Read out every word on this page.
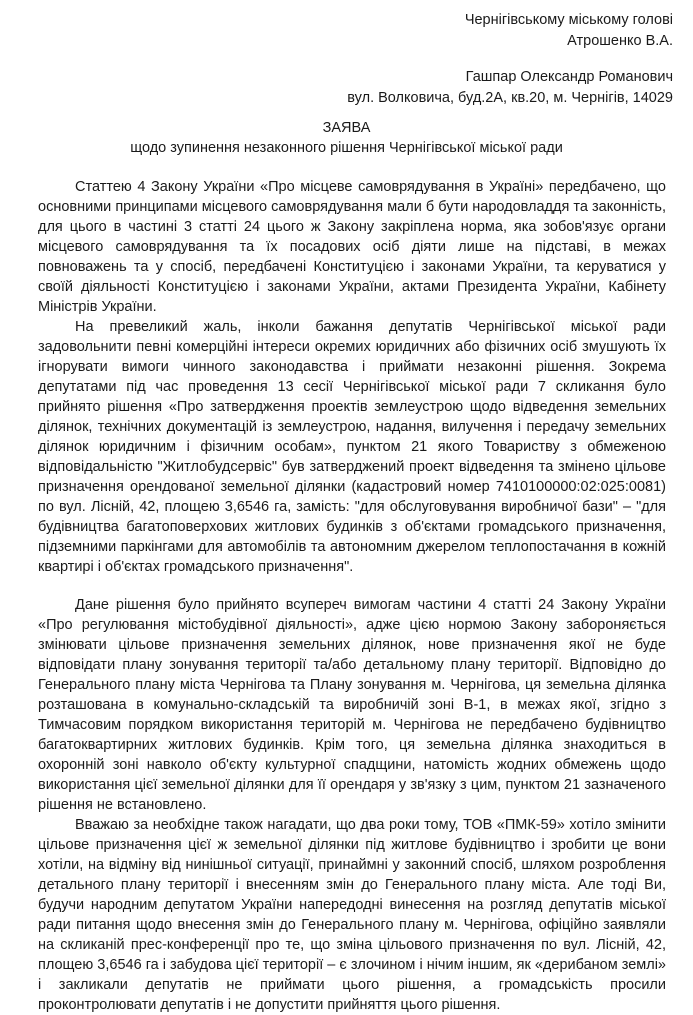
Чернігівському міському голові
Атрошенко В.А.
Гашпар Олександр Романович
вул. Волковича, буд.2А, кв.20, м. Чернігів, 14029
ЗАЯВА
щодо зупинення незаконного рішення Чернігівської міської ради

Статтею 4 Закону України «Про місцеве самоврядування в Україні» передбачено, що основними принципами місцевого самоврядування мали б бути народовладдя та законність, для цього в частині 3 статті 24 цього ж Закону закріплена норма, яка зобов'язує органи місцевого самоврядування та їх посадових осіб діяти лише на підставі, в межах повноважень та у спосіб, передбачені Конституцією і законами України, та керуватися у своїй діяльності Конституцією і законами України, актами Президента України, Кабінету Міністрів України.

На превеликий жаль, інколи бажання депутатів Чернігівської міської ради задовольнити певні комерційні інтереси окремих юридичних або фізичних осіб змушують їх ігнорувати вимоги чинного законодавства і приймати незаконні рішення. Зокрема депутатами під час проведення 13 сесії Чернігівської міської ради 7 скликання було прийнято рішення «Про затвердження проектів землеустрою щодо відведення земельних ділянок, технічних документацій із землеустрою, надання, вилучення і передачу земельних ділянок юридичним і фізичним особам», пунктом 21 якого Товариству з обмеженою відповідальністю "Житлобудсервіс" був затверджений проект відведення та змінено цільове призначення орендованої земельної ділянки (кадастровий номер 7410100000:02:025:0081) по вул. Лісній, 42, площею 3,6546 га, замість: "для обслуговування виробничої бази" – "для будівництва багатоповерхових житлових будинків з об'єктами громадського призначення, підземними паркінгами для автомобілів та автономним джерелом теплопостачання в кожній квартирі і об'єктах громадського призначення".

Дане рішення було прийнято всупереч вимогам частини 4 статті 24 Закону України «Про регулювання містобудівної діяльності», адже цією нормою Закону забороняється змінювати цільове призначення земельних ділянок, нове призначення якої не буде відповідати плану зонування території та/або детальному плану території. Відповідно до Генерального плану міста Чернігова та Плану зонування м. Чернігова, ця земельна ділянка розташована в комунально-складській та виробничій зоні В-1, в межах якої, згідно з Тимчасовим порядком використання територій м. Чернігова не передбачено будівництво багатоквартирних житлових будинків. Крім того, ця земельна ділянка знаходиться в охоронній зоні навколо об'єкту культурної спадщини, натомість жодних обмежень щодо використання цієї земельної ділянки для її орендаря у зв'язку з цим, пунктом 21 зазначеного рішення не встановлено.

Вважаю за необхідне також нагадати, що два роки тому, ТОВ «ПМК-59» хотіло змінити цільове призначення цієї ж земельної ділянки під житлове будівництво і зробити це вони хотіли, на відміну від нинішньої ситуації, принаймні у законний спосіб, шляхом розроблення детального плану території і внесенням змін до Генерального плану міста. Але тоді Ви, будучи народним депутатом України напередодні винесення на розгляд депутатів міської ради питання щодо внесення змін до Генерального плану м. Чернігова, офіційно заявляли на скликаній прес-конференції про те, що зміна цільового призначення по вул. Лісній, 42, площею 3,6546 га і забудова цієї території – є злочином і нічим іншим, як «дерибаном землі» і закликали депутатів не приймати цього рішення, а громадськість просили проконтролювати депутатів і не допустити прийняття цього рішення.
